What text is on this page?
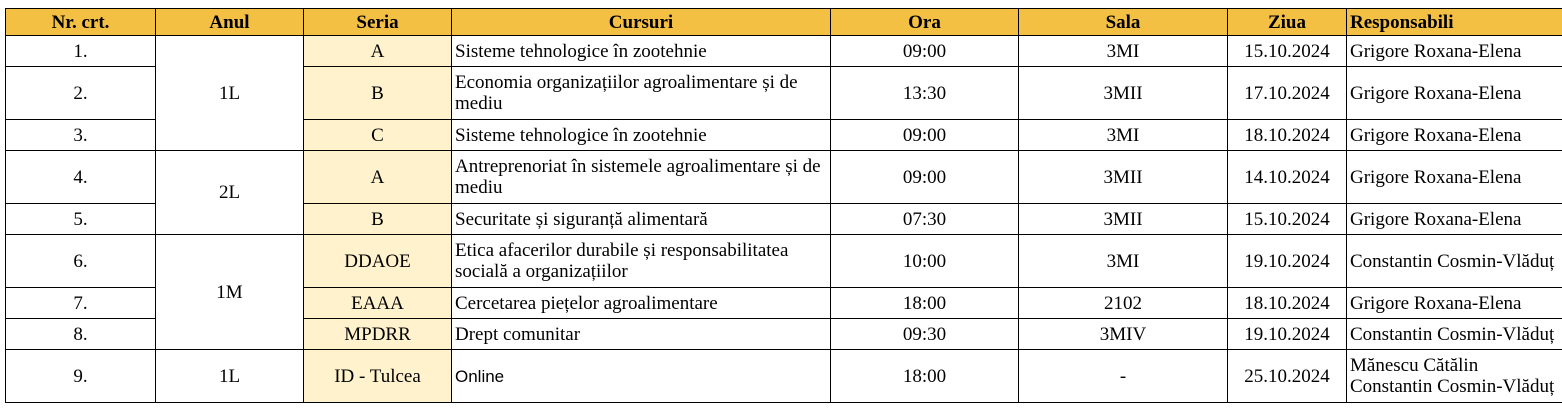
Nr. crt.	Anul	Seria	Cursuri	Ora	Sala	Ziua	Responsabili
1.	1L	A	Sisteme tehnologice în zootehnie	09:00	3MI	15.10.2024	Grigore Roxana-Elena
2.		B	Economia organizațiilor agroalimentare și de mediu	13:30	3MII	17.10.2024	Grigore Roxana-Elena
3.		C	Sisteme tehnologice în zootehnie	09:00	3MI	18.10.2024	Grigore Roxana-Elena
4.	2L	A	Antreprenoriat în sistemele agroalimentare și de mediu	09:00	3MII	14.10.2024	Grigore Roxana-Elena
5.		B	Securitate și siguranță alimentară	07:30	3MII	15.10.2024	Grigore Roxana-Elena
6.	1M	DDAOE	Etica afacerilor durabile și responsabilitatea socială a organizațiilor	10:00	3MI	19.10.2024	Constantin Cosmin-Vlăduț
7.		EAAA	Cercetarea piețelor agroalimentare	18:00	2102	18.10.2024	Grigore Roxana-Elena
8.		MPDRR	Drept comunitar	09:30	3MIV	19.10.2024	Constantin Cosmin-Vlăduț
9.	1L	ID - Tulcea	Online	18:00	-	25.10.2024	Mănescu Cătălin
Constantin Cosmin-Vlăduț
